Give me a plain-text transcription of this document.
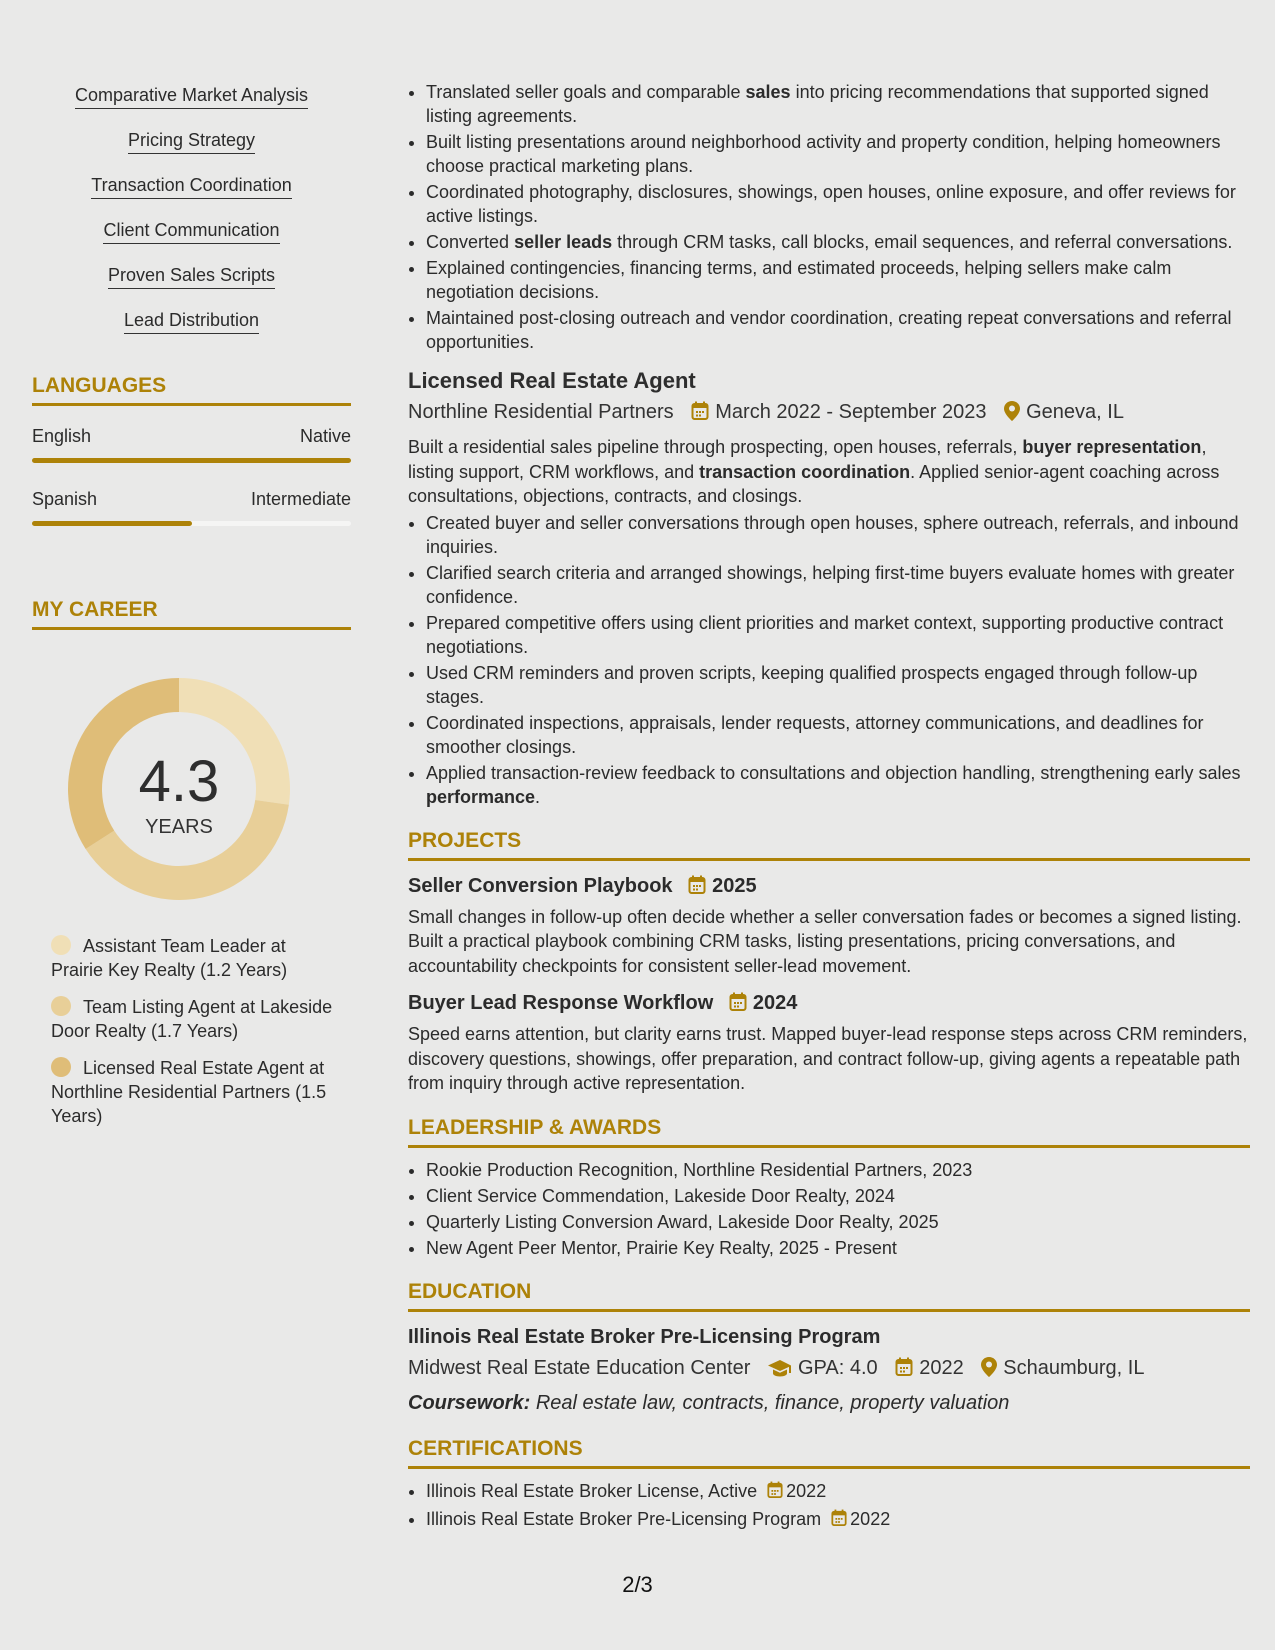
Comparative Market Analysis
Pricing Strategy
Transaction Coordination
Client Communication
Proven Sales Scripts
Lead Distribution
LANGUAGES
English	Native
Spanish	Intermediate
MY CAREER
4.3
YEARS
Assistant Team Leader at Prairie Key Realty (1.2 Years)
Team Listing Agent at Lakeside Door Realty (1.7 Years)
Licensed Real Estate Agent at Northline Residential Partners (1.5 Years)
• Translated seller goals and comparable sales into pricing recommendations that supported signed listing agreements.
• Built listing presentations around neighborhood activity and property condition, helping homeowners choose practical marketing plans.
• Coordinated photography, disclosures, showings, open houses, online exposure, and offer reviews for active listings.
• Converted seller leads through CRM tasks, call blocks, email sequences, and referral conversations.
• Explained contingencies, financing terms, and estimated proceeds, helping sellers make calm negotiation decisions.
• Maintained post-closing outreach and vendor coordination, creating repeat conversations and referral opportunities.
Licensed Real Estate Agent
Northline Residential Partners March 2022 - September 2023 Geneva, IL

Built a residential sales pipeline through prospecting, open houses, referrals, buyer representation, listing support, CRM workflows, and transaction coordination. Applied senior-agent coaching across consultations, objections, contracts, and closings.

• Created buyer and seller conversations through open houses, sphere outreach, referrals, and inbound inquiries.
• Clarified search criteria and arranged showings, helping first-time buyers evaluate homes with greater confidence.
• Prepared competitive offers using client priorities and market context, supporting productive contract negotiations.
• Used CRM reminders and proven scripts, keeping qualified prospects engaged through follow-up stages.
• Coordinated inspections, appraisals, lender requests, attorney communications, and deadlines for smoother closings.
• Applied transaction-review feedback to consultations and objection handling, strengthening early sales performance.
PROJECTS
Seller Conversion Playbook 2025

Small changes in follow-up often decide whether a seller conversation fades or becomes a signed listing. Built a practical playbook combining CRM tasks, listing presentations, pricing conversations, and accountability checkpoints for consistent seller-lead movement.

Buyer Lead Response Workflow 2024

Speed earns attention, but clarity earns trust. Mapped buyer-lead response steps across CRM reminders, discovery questions, showings, offer preparation, and contract follow-up, giving agents a repeatable path from inquiry through active representation.

LEADERSHIP & AWARDS
• Rookie Production Recognition, Northline Residential Partners, 2023
• Client Service Commendation, Lakeside Door Realty, 2024
• Quarterly Listing Conversion Award, Lakeside Door Realty, 2025
• New Agent Peer Mentor, Prairie Key Realty, 2025 - Present
EDUCATION
Illinois Real Estate Broker Pre-Licensing Program
Midwest Real Estate Education Center GPA: 4.0 2022 Schaumburg, IL
Coursework: Real estate law, contracts, finance, property valuation
CERTIFICATIONS
• Illinois Real Estate Broker License, Active 2022
• Illinois Real Estate Broker Pre-Licensing Program 2022
2/3
